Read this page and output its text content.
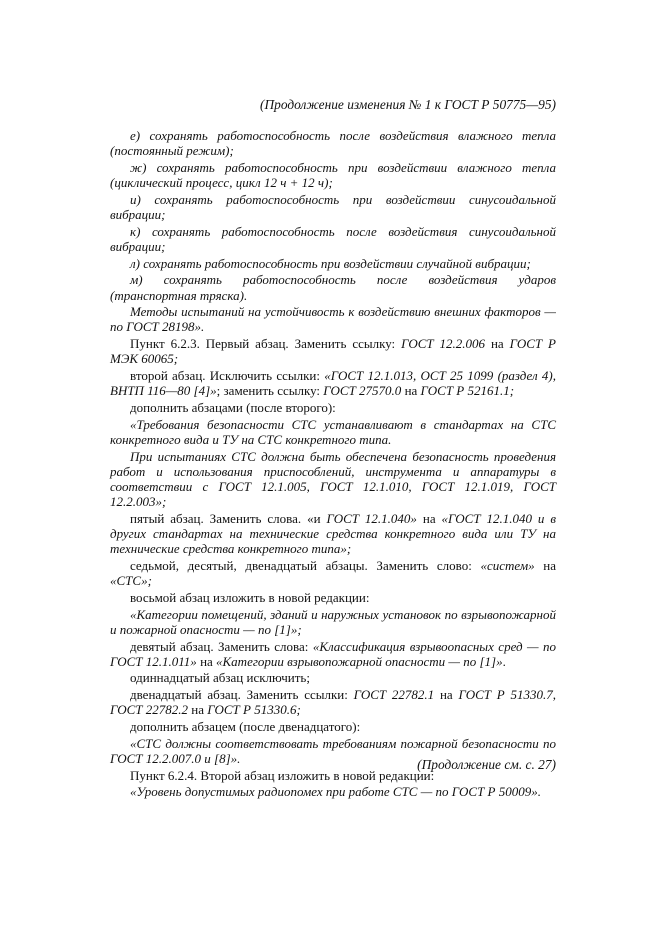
(Продолжение изменения № 1 к ГОСТ Р 50775—95)

е) сохранять работоспособность после воздействия влажного тепла (постоянный режим);

ж) сохранять работоспособность при воздействии влажного тепла (циклический процесс, цикл 12 ч + 12 ч);

и) сохранять работоспособность при воздействии синусоидальной вибрации;

к) сохранять работоспособность после воздействия синусоидальной вибрации;

л) сохранять работоспособность при воздействии случайной вибрации;

м) сохранять работоспособность после воздействия ударов (транспортная тряска).

Методы испытаний на устойчивость к воздействию внешних факторов — по ГОСТ 28198».

Пункт 6.2.3. Первый абзац. Заменить ссылку: ГОСТ 12.2.006 на ГОСТ Р МЭК 60065;

второй абзац. Исключить ссылки: «ГОСТ 12.1.013, ОСТ 25 1099 (раздел 4), ВНТП 116—80 [4]»; заменить ссылку: ГОСТ 27570.0 на ГОСТ Р 52161.1;

дополнить абзацами (после второго):

«Требования безопасности СТС устанавливают в стандартах на СТС конкретного вида и ТУ на СТС конкретного типа.

При испытаниях СТС должна быть обеспечена безопасность проведения работ и использования приспособлений, инструмента и аппаратуры в соответствии с ГОСТ 12.1.005, ГОСТ 12.1.010, ГОСТ 12.1.019, ГОСТ 12.2.003»;

пятый абзац. Заменить слова. «и ГОСТ 12.1.040» на «ГОСТ 12.1.040 и в других стандартах на технические средства конкретного вида или ТУ на технические средства конкретного типа»;

седьмой, десятый, двенадцатый абзацы. Заменить слово: «систем» на «СТС»;

восьмой абзац изложить в новой редакции:

«Категории помещений, зданий и наружных установок по взрывопожарной и пожарной опасности — по [1]»;

девятый абзац. Заменить слова: «Классификация взрывоопасных сред — по ГОСТ 12.1.011» на «Категории взрывопожарной опасности — по [1]».

одиннадцатый абзац исключить;

двенадцатый абзац. Заменить ссылки: ГОСТ 22782.1 на ГОСТ Р 51330.7, ГОСТ 22782.2 на ГОСТ Р 51330.6;

дополнить абзацем (после двенадцатого):

«СТС должны соответствовать требованиям пожарной безопасности по ГОСТ 12.2.007.0 и [8]».

Пункт 6.2.4. Второй абзац изложить в новой редакции:

«Уровень допустимых радиопомех при работе СТС — по ГОСТ Р 50009».

(Продолжение см. с. 27)
